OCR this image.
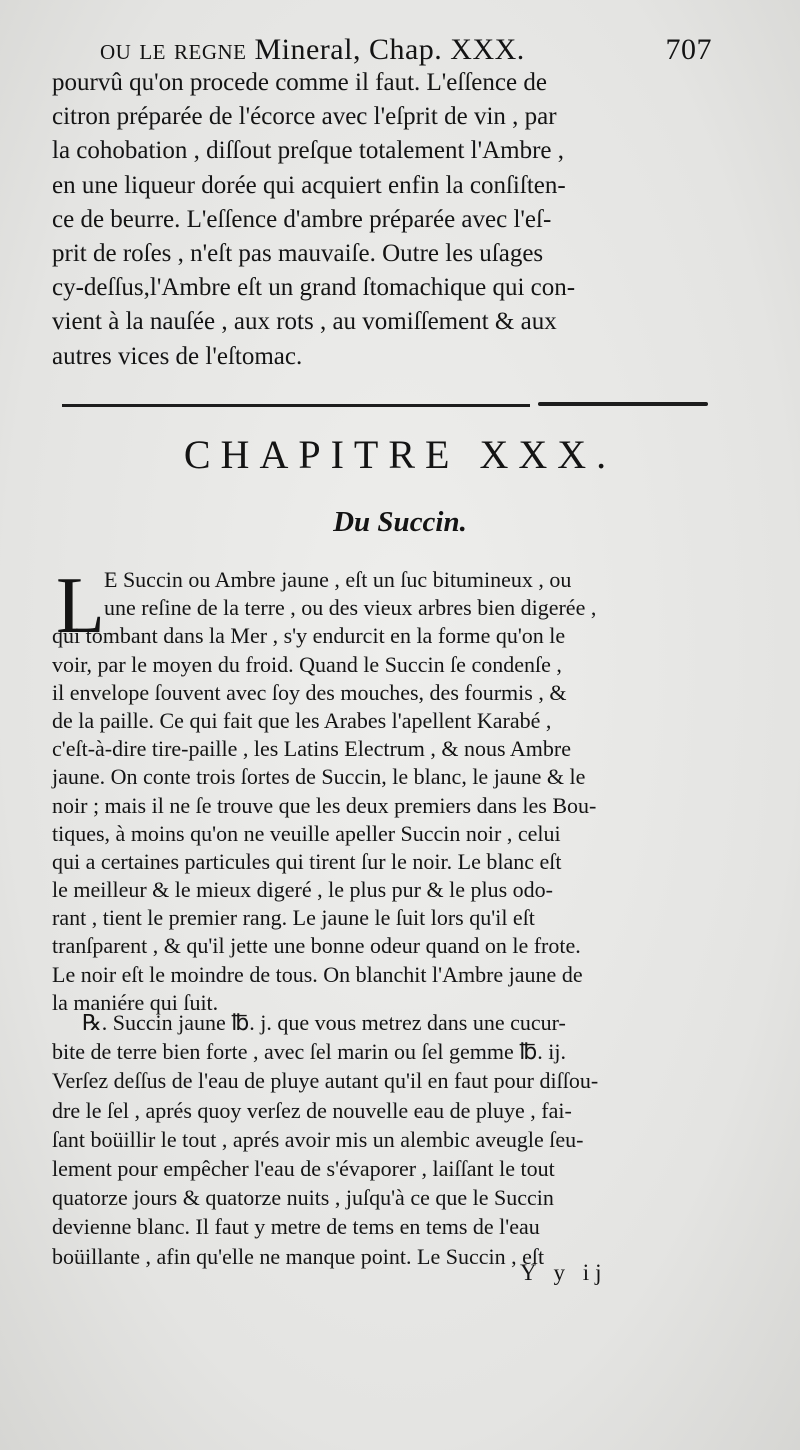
ou le regne Mineral, Chap. XXX.	707
pourvû qu'on procede comme il faut. L'eſſence de
citron préparée de l'écorce avec l'eſprit de vin , par
la cohobation , diſſout preſque totalement l'Ambre ,
en une liqueur dorée qui acquiert enfin la conſiſten-
ce de beurre. L'eſſence d'ambre préparée avec l'eſ-
prit de roſes , n'eſt pas mauvaiſe. Outre les uſages
cy-deſſus,l'Ambre eſt un grand ſtomachique qui con-
vient à la nauſée , aux rots , au vomiſſement & aux
autres vices de l'eſtomac.
CHAPITRE XXX.
Du Succin.
L E Succin ou Ambre jaune , eſt un ſuc bitumineux , ou
une reſine de la terre , ou des vieux arbres bien digerée ,
qui tombant dans la Mer , s'y endurcit en la forme qu'on le
voir, par le moyen du froid. Quand le Succin ſe condenſe ,
il envelope ſouvent avec ſoy des mouches, des fourmis , &
de la paille. Ce qui fait que les Arabes l'apellent Karabé ,
c'eſt-à-dire tire-paille , les Latins Electrum , & nous Ambre
jaune. On conte trois ſortes de Succin, le blanc, le jaune & le
noir ; mais il ne ſe trouve que les deux premiers dans les Bou-
tiques, à moins qu'on ne veuille apeller Succin noir , celui
qui a certaines particules qui tirent ſur le noir. Le blanc eſt
le meilleur & le mieux digeré , le plus pur & le plus odo-
rant , tient le premier rang. Le jaune le ſuit lors qu'il eſt
tranſparent , & qu'il jette une bonne odeur quand on le frote.
Le noir eſt le moindre de tous. On blanchit l'Ambre jaune de
la maniére qui ſuit.
℞. Succin jaune ℔. j. que vous metrez dans une cucur-
bite de terre bien forte , avec ſel marin ou ſel gemme ℔. ij.
Verſez deſſus de l'eau de pluye autant qu'il en faut pour diſſou-
dre le ſel , aprés quoy verſez de nouvelle eau de pluye , fai-
ſant boüillir le tout , aprés avoir mis un alembic aveugle ſeu-
lement pour empêcher l'eau de s'évaporer , laiſſant le tout
quatorze jours & quatorze nuits , juſqu'à ce que le Succin
devienne blanc. Il faut y metre de tems en tems de l'eau
boüillante , afin qu'elle ne manque point. Le Succin , eſt
Y y ij
